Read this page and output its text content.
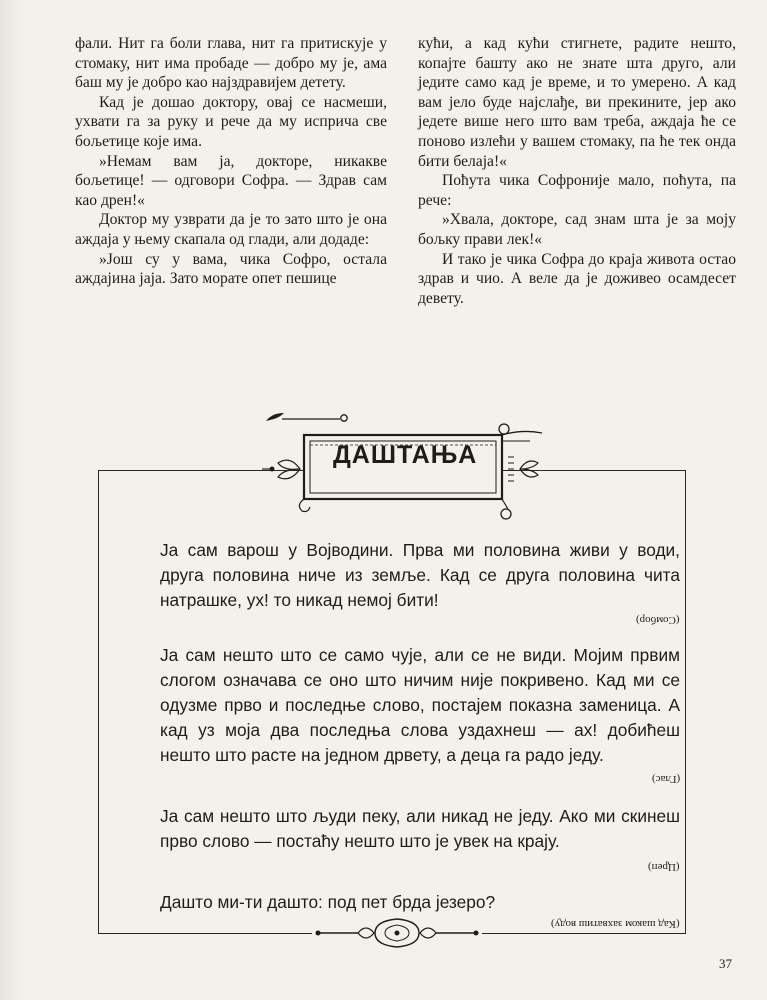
фали. Нит га боли глава, нит га притискује у стомаку, нит има пробаде — добро му је, ама баш му је добро као најздравијем детету.

Кад је дошао доктору, овај се насмеши, ухвати га за руку и рече да му исприча све бољетице које има.

»Немам вам ја, докторе, никакве бољетице! — одговори Софра. — Здрав сам као дрен!«

Доктор му узврати да је то зато што је она аждаја у њему скапала од глади, али додаде:

»Још су у вама, чика Софро, остала аждајина јаја. Зато морате опет пешице

кући, а кад кући стигнете, радите нешто, копајте башту ако не знате шта друго, али једите само кад је време, и то умерено. А кад вам јело буде најслађе, ви прекините, јер ако једете више него што вам треба, аждаја ће се поново излећи у вашем стомаку, па ће тек онда бити белаја!«

Поћута чика Софроније мало, поћута, па рече:

»Хвала, докторе, сад знам шта је за моју бољку прави лек!«

И тако је чика Софра до краја живота остао здрав и чио. А веле да је доживео осамдесет девету.

ДАШТАЊА

Ја сам варош у Војводини. Прва ми половина живи у води, друга половина ниче из земље. Кад се друга половина чита натрашке, ух! то никад немој бити!

(Сомбор)

Ја сам нешто што се само чује, али се не види. Мојим првим слогом означава се оно што ничим није покривено. Кад ми се одузме прво и последње слово, постајем показна заменица. А кад уз моја два последња слова уздахнеш — ах! добићеш нешто што расте на једном дрвету, а деца га радо једу.

(Глас)

Ја сам нешто што људи пеку, али никад не једу. Ако ми скинеш прво слово — постаћу нешто што је увек на крају.

(Цреп)

Даштo ми-ти дашто: под пет брда језеро?

(Кад шаком захватиш воду)
37
